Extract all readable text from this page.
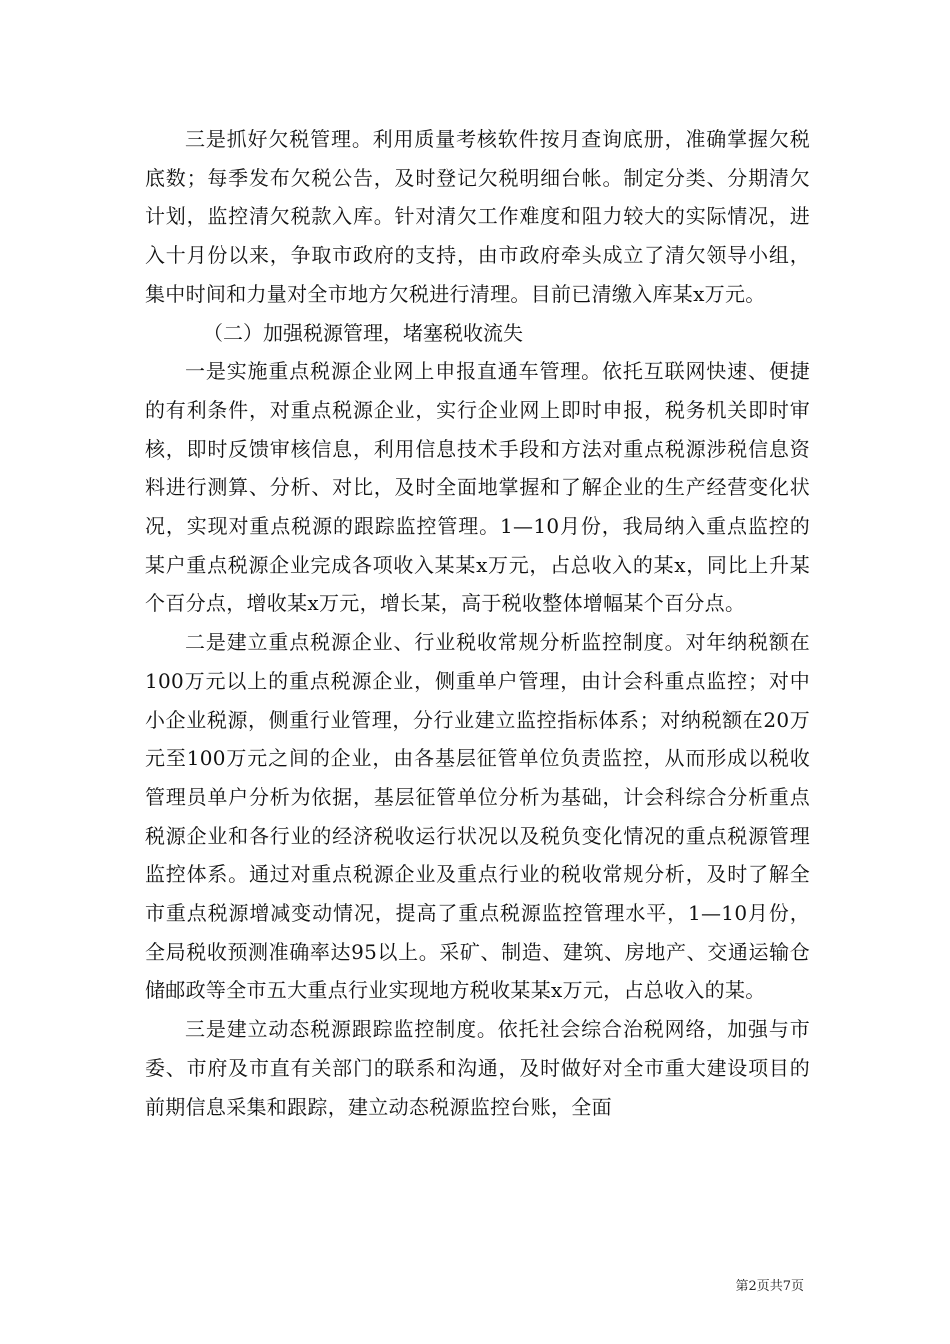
三是抓好欠税管理。利用质量考核软件按月查询底册，准确掌握欠税底数；每季发布欠税公告，及时登记欠税明细台帐。制定分类、分期清欠计划，监控清欠税款入库。针对清欠工作难度和阻力较大的实际情况，进入十月份以来，争取市政府的支持，由市政府牵头成立了清欠领导小组，集中时间和力量对全市地方欠税进行清理。目前已清缴入库某x万元。

（二）加强税源管理，堵塞税收流失

一是实施重点税源企业网上申报直通车管理。依托互联网快速、便捷的有利条件，对重点税源企业，实行企业网上即时申报，税务机关即时审核，即时反馈审核信息，利用信息技术手段和方法对重点税源涉税信息资料进行测算、分析、对比，及时全面地掌握和了解企业的生产经营变化状况，实现对重点税源的跟踪监控管理。1—10月份，我局纳入重点监控的某户重点税源企业完成各项收入某某x万元，占总收入的某x，同比上升某个百分点，增收某x万元，增长某，高于税收整体增幅某个百分点。

二是建立重点税源企业、行业税收常规分析监控制度。对年纳税额在100万元以上的重点税源企业，侧重单户管理，由计会科重点监控；对中小企业税源，侧重行业管理，分行业建立监控指标体系；对纳税额在20万元至100万元之间的企业，由各基层征管单位负责监控，从而形成以税收管理员单户分析为依据，基层征管单位分析为基础，计会科综合分析重点税源企业和各行业的经济税收运行状况以及税负变化情况的重点税源管理监控体系。通过对重点税源企业及重点行业的税收常规分析，及时了解全市重点税源增减变动情况，提高了重点税源监控管理水平，1—10月份，全局税收预测准确率达95以上。采矿、制造、建筑、房地产、交通运输仓储邮政等全市五大重点行业实现地方税收某某x万元，占总收入的某。

三是建立动态税源跟踪监控制度。依托社会综合治税网络，加强与市委、市府及市直有关部门的联系和沟通，及时做好对全市重大建设项目的前期信息采集和跟踪，建立动态税源监控台账，全面

第2页共7页
